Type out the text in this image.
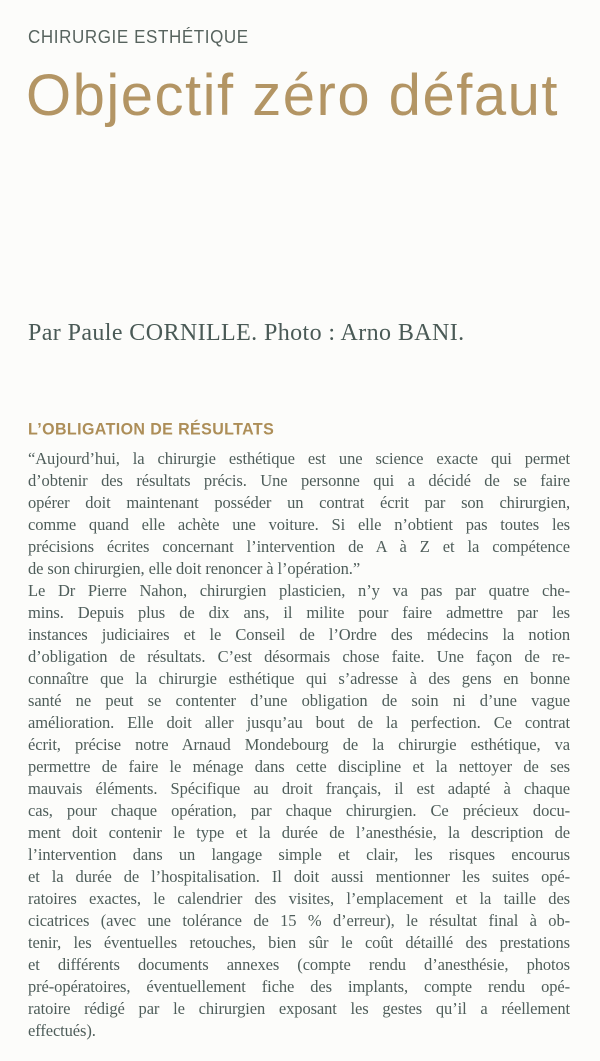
CHIRURGIE ESTHÉTIQUE
Objectif zéro défaut
Par Paule CORNILLE. Photo : Arno BANI.
L’OBLIGATION DE RÉSULTATS
“Aujourd’hui, la chirurgie esthétique est une science exacte qui permet
d’obtenir des résultats précis. Une personne qui a décidé de se faire
opérer doit maintenant posséder un contrat écrit par son chirurgien,
comme quand elle achète une voiture. Si elle n’obtient pas toutes les
précisions écrites concernant l’intervention de A à Z et la compétence
de son chirurgien, elle doit renoncer à l’opération.”
Le Dr Pierre Nahon, chirurgien plasticien, n’y va pas par quatre che-
mins. Depuis plus de dix ans, il milite pour faire admettre par les
instances judiciaires et le Conseil de l’Ordre des médecins la notion
d’obligation de résultats. C’est désormais chose faite. Une façon de re-
connaître que la chirurgie esthétique qui s’adresse à des gens en bonne
santé ne peut se contenter d’une obligation de soin ni d’une vague
amélioration. Elle doit aller jusqu’au bout de la perfection. Ce contrat
écrit, précise notre Arnaud Mondebourg de la chirurgie esthétique, va
permettre de faire le ménage dans cette discipline et la nettoyer de ses
mauvais éléments. Spécifique au droit français, il est adapté à chaque
cas, pour chaque opération, par chaque chirurgien. Ce précieux docu-
ment doit contenir le type et la durée de l’anesthésie, la description de
l’intervention dans un langage simple et clair, les risques encourus
et la durée de l’hospitalisation. Il doit aussi mentionner les suites opé-
ratoires exactes, le calendrier des visites, l’emplacement et la taille des
cicatrices (avec une tolérance de 15 % d’erreur), le résultat final à ob-
tenir, les éventuelles retouches, bien sûr le coût détaillé des prestations
et différents documents annexes (compte rendu d’anesthésie, photos
pré-opératoires, éventuellement fiche des implants, compte rendu opé-
ratoire rédigé par le chirurgien exposant les gestes qu’il a réellement
effectués).
